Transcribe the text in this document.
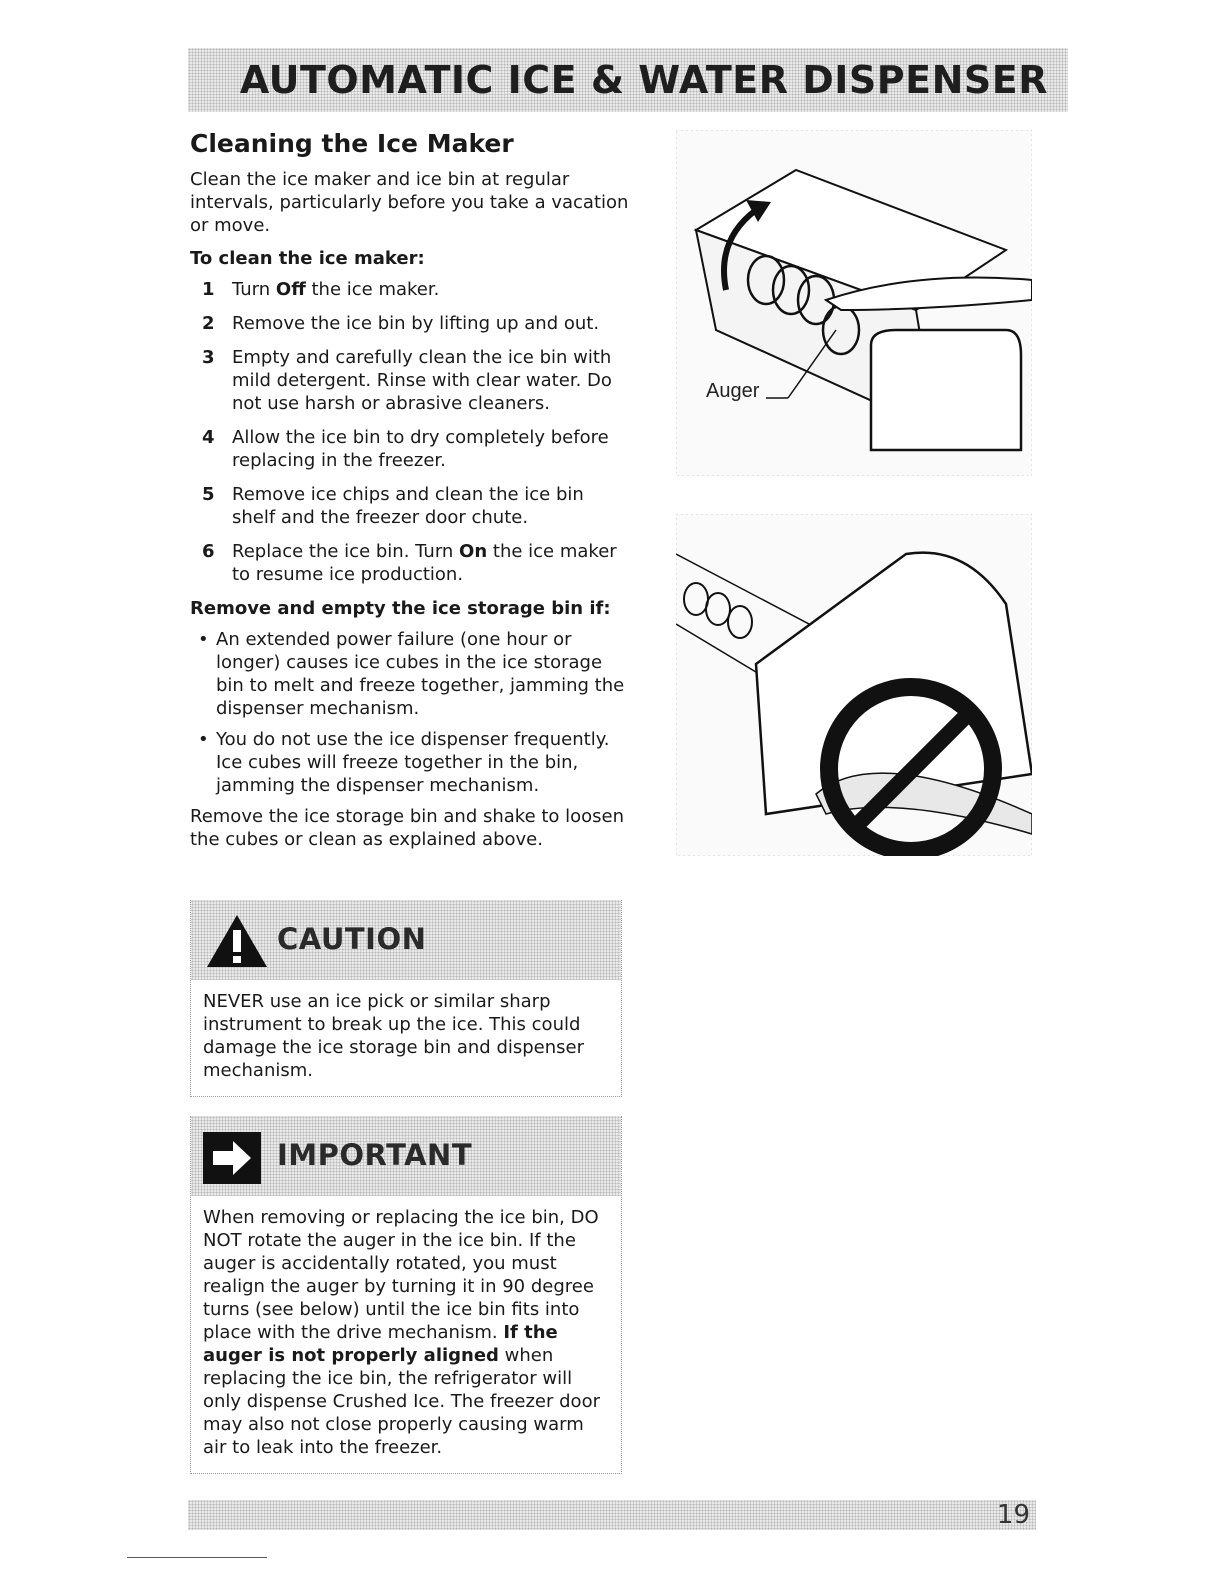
AUTOMATIC ICE & WATER DISPENSER
Cleaning the Ice Maker

Clean the ice maker and ice bin at regular intervals, particularly before you take a vacation or move.

To clean the ice maker:
1 Turn Off the ice maker.
2 Remove the ice bin by lifting up and out.
3 Empty and carefully clean the ice bin with mild detergent. Rinse with clear water. Do not use harsh or abrasive cleaners.
4 Allow the ice bin to dry completely before replacing in the freezer.
5 Remove ice chips and clean the ice bin shelf and the freezer door chute.
6 Replace the ice bin. Turn On the ice maker to resume ice production.
Remove and empty the ice storage bin if:
• An extended power failure (one hour or longer) causes ice cubes in the ice storage bin to melt and freeze together, jamming the dispenser mechanism.
• You do not use the ice dispenser frequently. Ice cubes will freeze together in the bin, jamming the dispenser mechanism.

Remove the ice storage bin and shake to loosen the cubes or clean as explained above.

CAUTION
NEVER use an ice pick or similar sharp instrument to break up the ice. This could damage the ice storage bin and dispenser mechanism.
IMPORTANT
When removing or replacing the ice bin, DO NOT rotate the auger in the ice bin. If the auger is accidentally rotated, you must realign the auger by turning it in 90 degree turns (see below) until the ice bin fits into place with the drive mechanism. If the auger is not properly aligned when replacing the ice bin, the refrigerator will only dispense Crushed Ice. The freezer door may also not close properly causing warm air to leak into the freezer.
Auger
19
